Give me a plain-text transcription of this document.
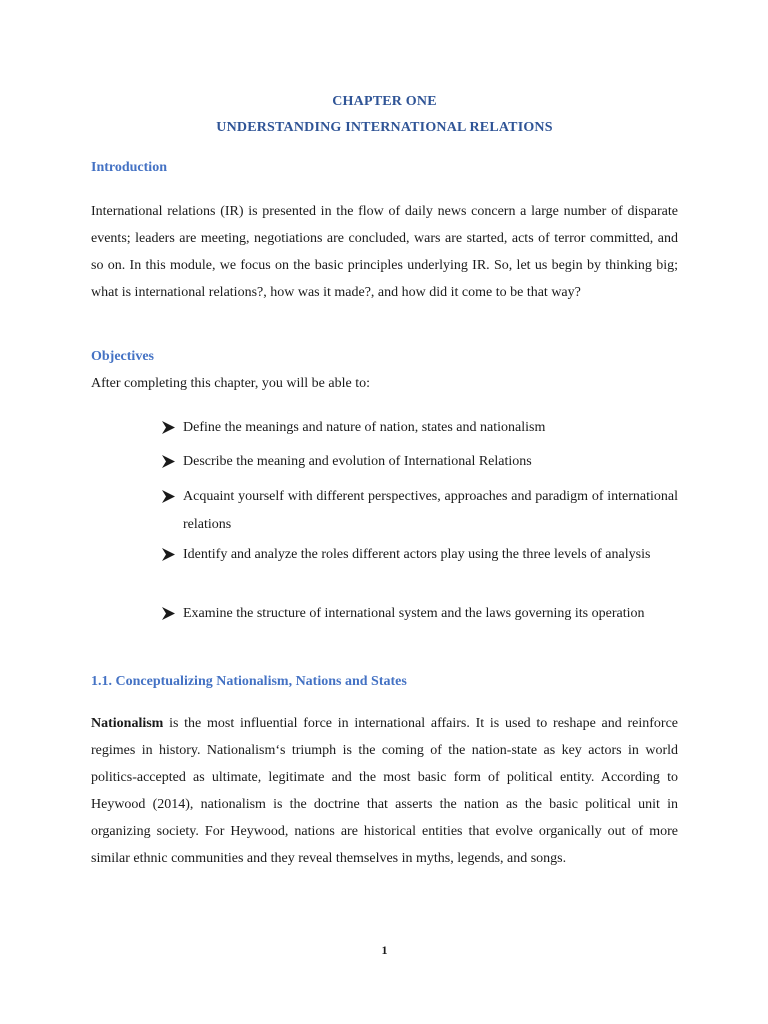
CHAPTER ONE
UNDERSTANDING INTERNATIONAL RELATIONS
Introduction
International relations (IR) is presented in the flow of daily news concern a large number of disparate events; leaders are meeting, negotiations are concluded, wars are started, acts of terror committed, and so on. In this module, we focus on the basic principles underlying IR. So, let us begin by thinking big; what is international relations?, how was it made?, and how did it come to be that way?
Objectives
After completing this chapter, you will be able to:
Define the meanings and nature of nation, states and nationalism
Describe the meaning and evolution of International Relations
Acquaint yourself with different perspectives, approaches and paradigm of international relations
Identify and analyze the roles different actors play using the three levels of analysis
Examine the structure of international system and the laws governing its operation
1.1. Conceptualizing Nationalism, Nations and States
Nationalism is the most influential force in international affairs. It is used to reshape and reinforce regimes in history. Nationalism‘s triumph is the coming of the nation-state as key actors in world politics-accepted as ultimate, legitimate and the most basic form of political entity. According to Heywood (2014), nationalism is the doctrine that asserts the nation as the basic political unit in organizing society. For Heywood, nations are historical entities that evolve organically out of more similar ethnic communities and they reveal themselves in myths, legends, and songs.
1
